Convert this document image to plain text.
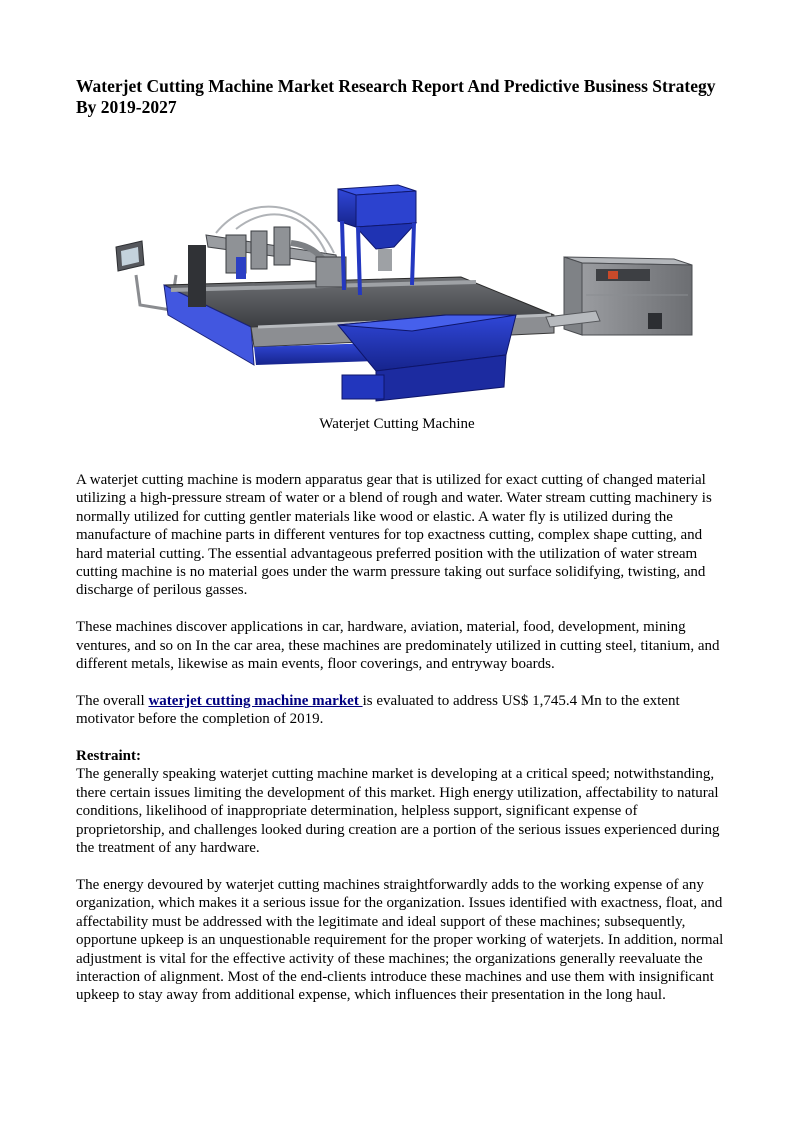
Waterjet Cutting Machine Market Research Report And Predictive Business Strategy By 2019-2027
Waterjet Cutting Machine

A waterjet cutting machine is modern apparatus gear that is utilized for exact cutting of changed material utilizing a high-pressure stream of water or a blend of rough and water. Water stream cutting machinery is normally utilized for cutting gentler materials like wood or elastic. A water fly is utilized during the manufacture of machine parts in different ventures for top exactness cutting, complex shape cutting, and hard material cutting. The essential advantageous preferred position with the utilization of water stream cutting machine is no material goes under the warm pressure taking out surface solidifying, twisting, and discharge of perilous gasses.

These machines discover applications in car, hardware, aviation, material, food, development, mining ventures, and so on In the car area, these machines are predominately utilized in cutting steel, titanium, and different metals, likewise as main events, floor coverings, and entryway boards.

The overall waterjet cutting machine market is evaluated to address US$ 1,745.4 Mn to the extent motivator before the completion of 2019.

Restraint:

The generally speaking waterjet cutting machine market is developing at a critical speed; notwithstanding, there certain issues limiting the development of this market. High energy utilization, affectability to natural conditions, likelihood of inappropriate determination, helpless support, significant expense of proprietorship, and challenges looked during creation are a portion of the serious issues experienced during the treatment of any hardware.

The energy devoured by waterjet cutting machines straightforwardly adds to the working expense of any organization, which makes it a serious issue for the organization. Issues identified with exactness, float, and affectability must be addressed with the legitimate and ideal support of these machines; subsequently, opportune upkeep is an unquestionable requirement for the proper working of waterjets. In addition, normal adjustment is vital for the effective activity of these machines; the organizations generally reevaluate the interaction of alignment. Most of the end-clients introduce these machines and use them with insignificant upkeep to stay away from additional expense, which influences their presentation in the long haul.
